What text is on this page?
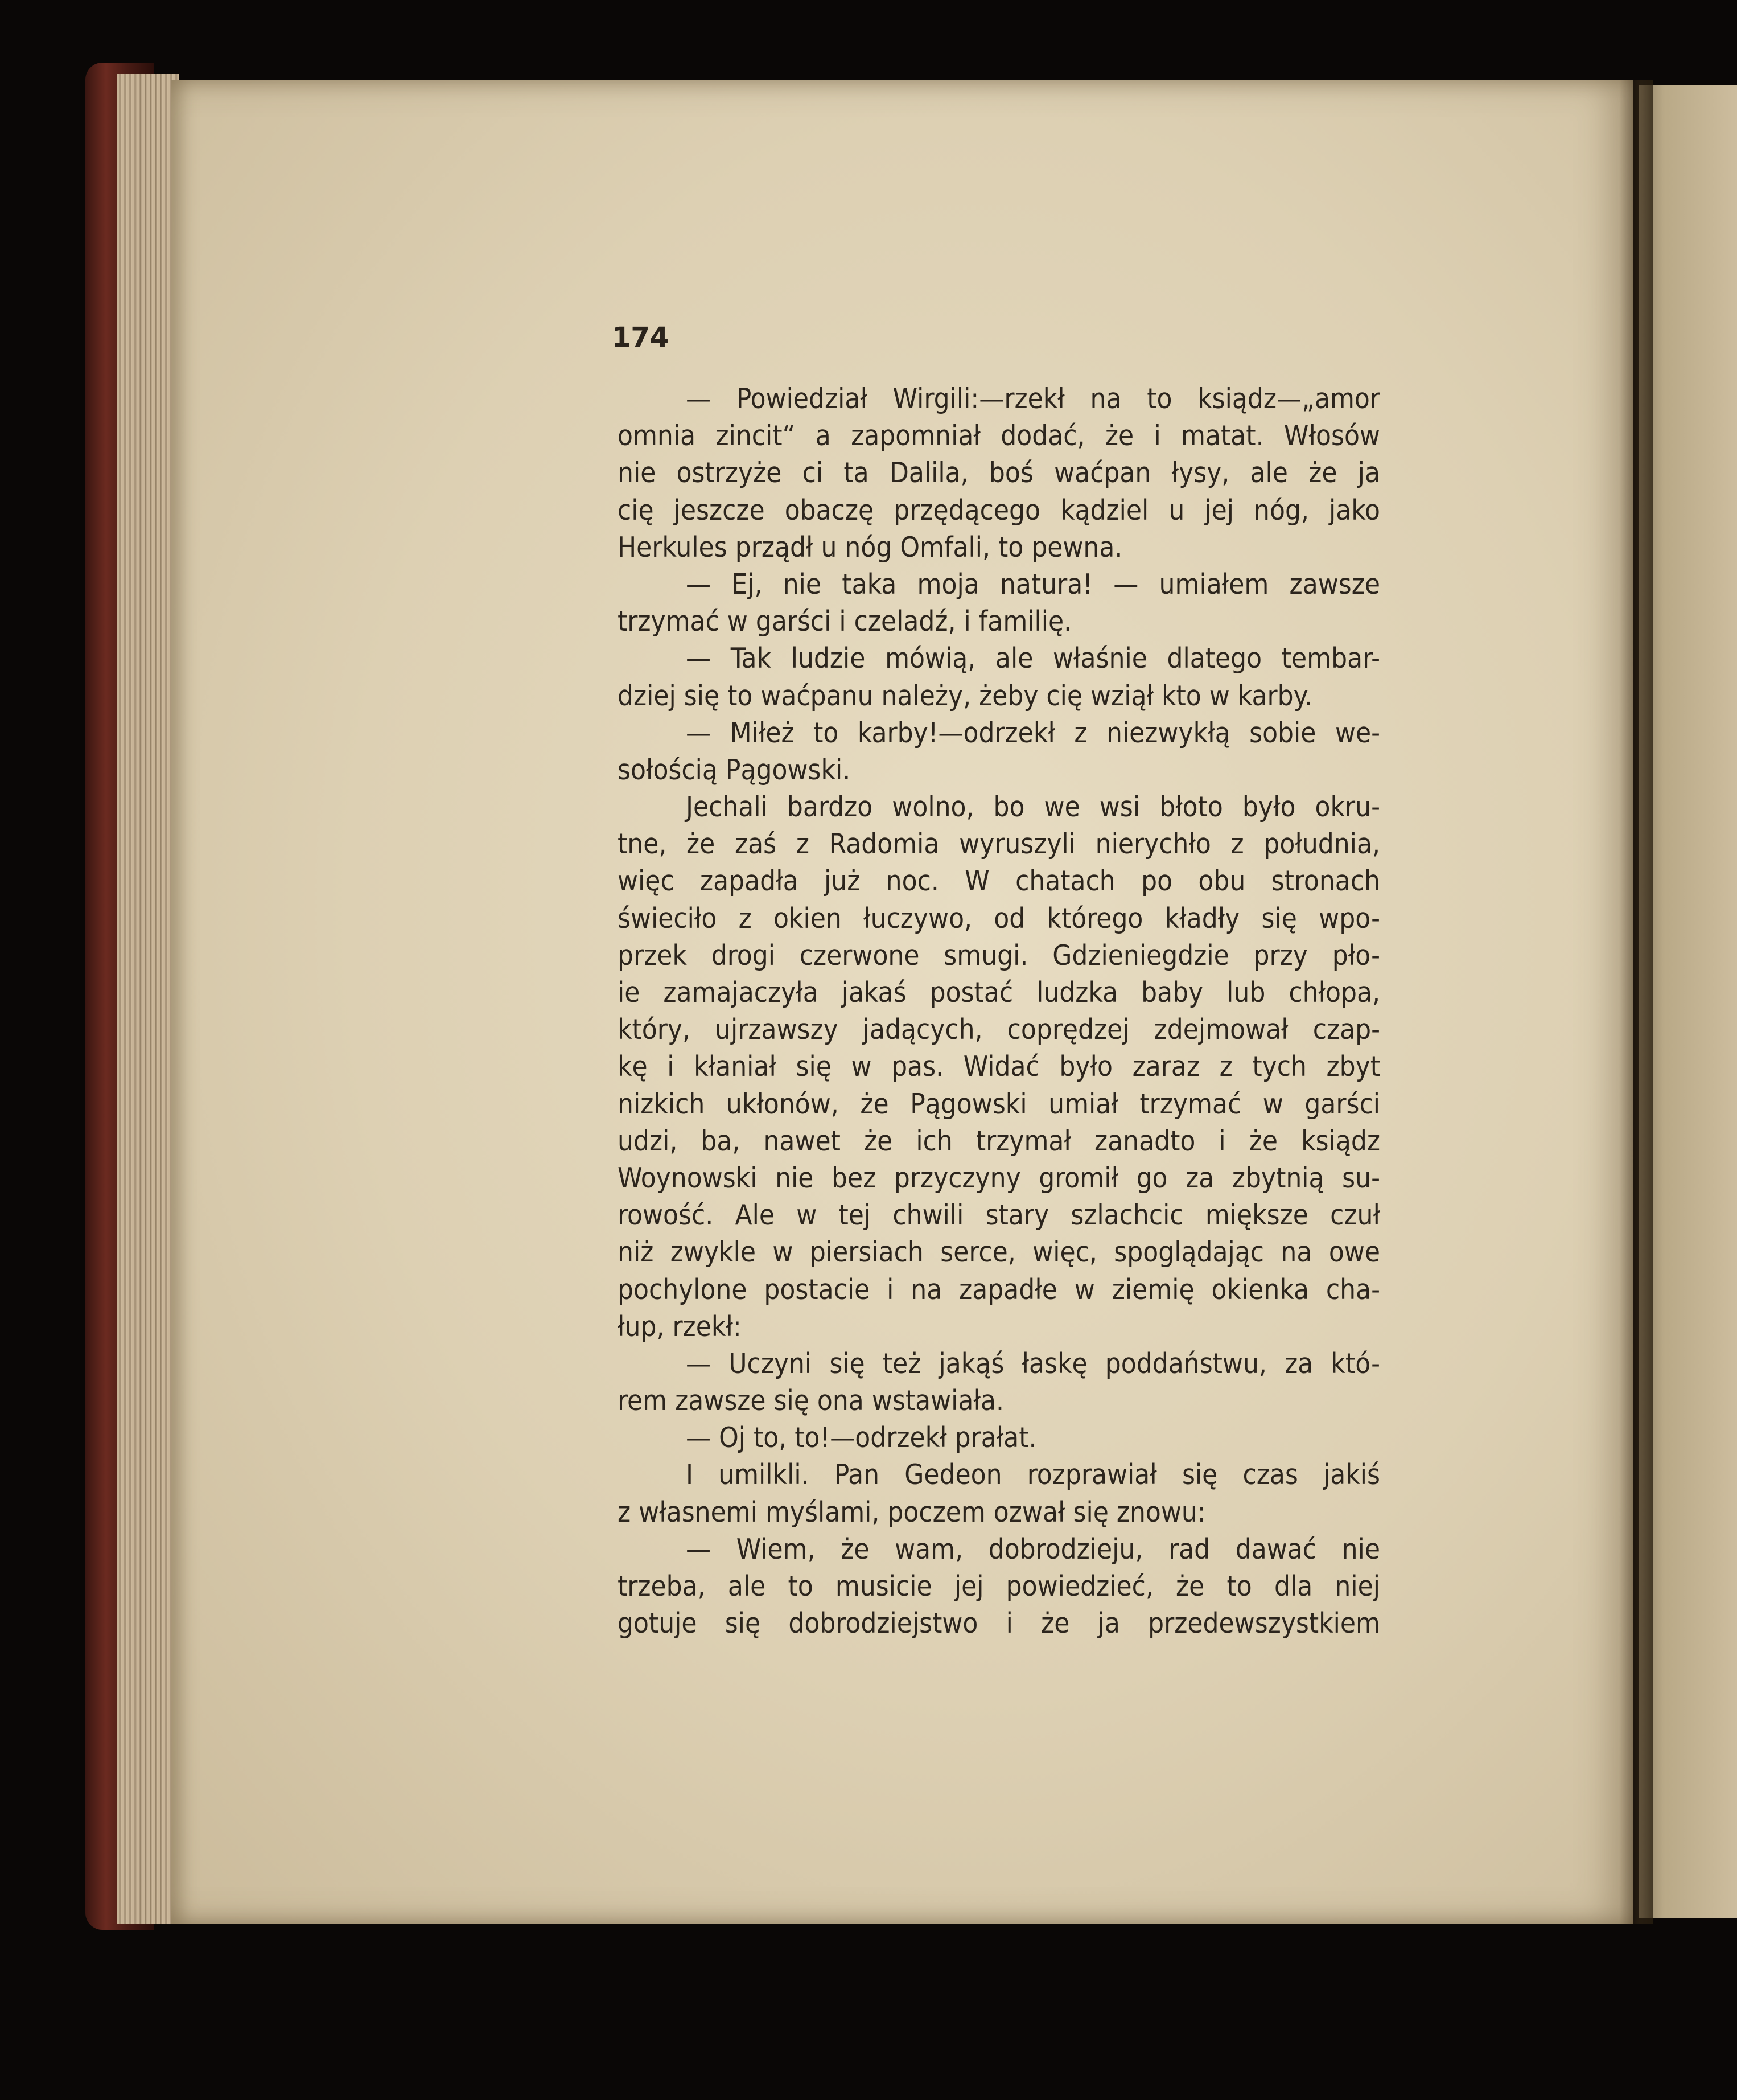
174

— Powiedział Wirgili:—rzekł na to ksiądz—„amor
omnia zincit“ a zapomniał dodać, że i matat. Włosów
nie ostrzyże ci ta Dalila, boś waćpan łysy, ale że ja
cię jeszcze obaczę przędącego kądziel u jej nóg, jako
Herkules prządł u nóg Omfali, to pewna.
— Ej, nie taka moja natura! — umiałem zawsze
trzymać w garści i czeladź, i familię.
— Tak ludzie mówią, ale właśnie dlatego tembar-
dziej się to waćpanu należy, żeby cię wziął kto w karby.
— Miłeż to karby!—odrzekł z niezwykłą sobie we-
sołością Pągowski.
Jechali bardzo wolno, bo we wsi błoto było okru-
tne, że zaś z Radomia wyruszyli nierychło z południa,
więc zapadła już noc. W chatach po obu stronach
świeciło z okien łuczywo, od którego kładły się wpo-
przek drogi czerwone smugi. Gdzieniegdzie przy pło-
ie zamajaczyła jakaś postać ludzka baby lub chłopa,
który, ujrzawszy jadących, coprędzej zdejmował czap-
kę i kłaniał się w pas. Widać było zaraz z tych zbyt
nizkich ukłonów, że Pągowski umiał trzymać w garści
udzi, ba, nawet że ich trzymał zanadto i że ksiądz
Woynowski nie bez przyczyny gromił go za zbytnią su-
rowość. Ale w tej chwili stary szlachcic miększe czuł
niż zwykle w piersiach serce, więc, spoglądając na owe
pochylone postacie i na zapadłe w ziemię okienka cha-
łup, rzekł:
— Uczyni się też jakąś łaskę poddaństwu, za któ-
rem zawsze się ona wstawiała.
— Oj to, to!—odrzekł prałat.
I umilkli. Pan Gedeon rozprawiał się czas jakiś
z własnemi myślami, poczem ozwał się znowu:
— Wiem, że wam, dobrodzieju, rad dawać nie
trzeba, ale to musicie jej powiedzieć, że to dla niej
gotuje się dobrodziejstwo i że ja przedewszystkiem
